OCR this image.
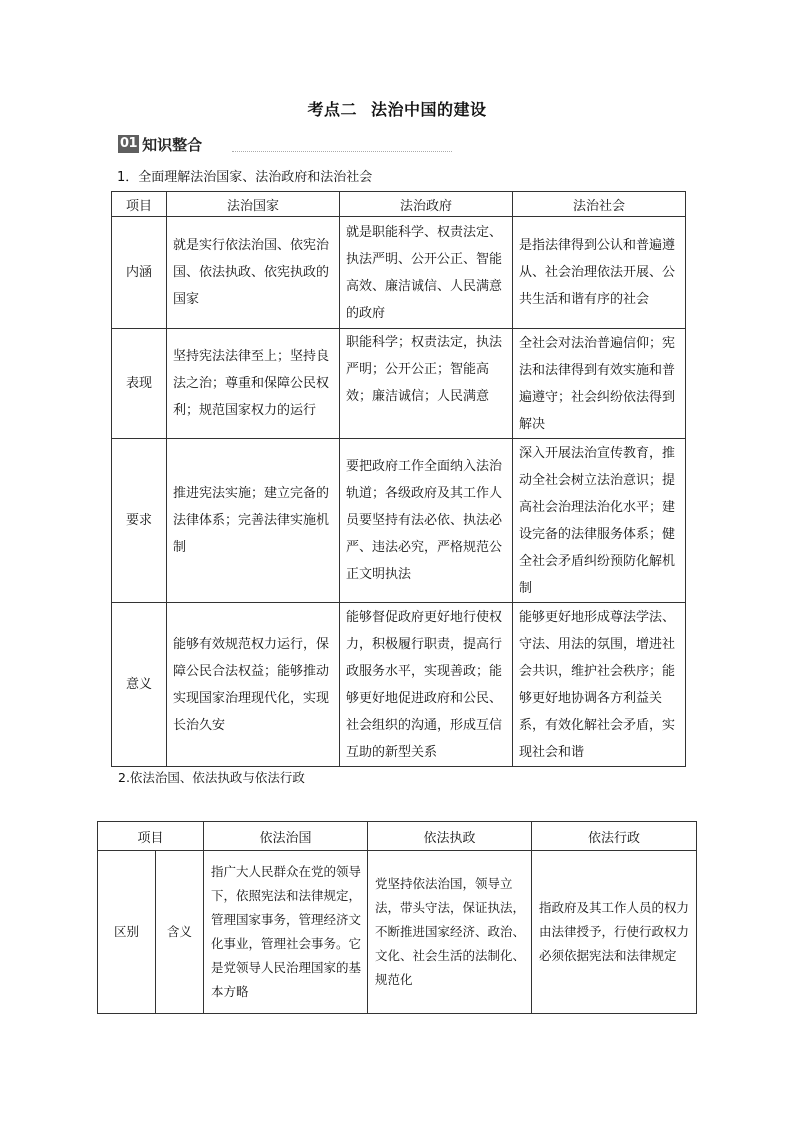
考点二 法治中国的建设
01 知识整合
1．全面理解法治国家、法治政府和法治社会
项目	法治国家	法治政府	法治社会
内涵	就是实行依法治国、依宪治国、依法执政、依宪执政的国家	就是职能科学、权责法定、执法严明、公开公正、智能高效、廉洁诚信、人民满意的政府	是指法律得到公认和普遍遵从、社会治理依法开展、公共生活和谐有序的社会
表现	坚持宪法法律至上；坚持良法之治；尊重和保障公民权利；规范国家权力的运行	职能科学；权责法定，执法严明；公开公正；智能高效；廉洁诚信；人民满意	全社会对法治普遍信仰；宪法和法律得到有效实施和普遍遵守；社会纠纷依法得到解决
要求	推进宪法实施；建立完备的法律体系；完善法律实施机制	要把政府工作全面纳入法治轨道；各级政府及其工作人员要坚持有法必依、执法必严、违法必究，严格规范公正文明执法	深入开展法治宣传教育，推动全社会树立法治意识；提高社会治理法治化水平；建设完备的法律服务体系；健全社会矛盾纠纷预防化解机制
意义	能够有效规范权力运行，保障公民合法权益；能够推动实现国家治理现代化，实现长治久安	能够督促政府更好地行使权力，积极履行职责，提高行政服务水平，实现善政；能够更好地促进政府和公民、社会组织的沟通，形成互信互助的新型关系	能够更好地形成尊法学法、守法、用法的氛围，增进社会共识，维护社会秩序；能够更好地协调各方利益关系，有效化解社会矛盾，实现社会和谐
2.依法治国、依法执政与依法行政
项目		依法治国	依法执政	依法行政
区别	含义	指广大人民群众在党的领导下，依照宪法和法律规定，管理国家事务，管理经济文化事业，管理社会事务。它是党领导人民治理国家的基本方略	党坚持依法治国，领导立法，带头守法，保证执法，不断推进国家经济、政治、文化、社会生活的法制化、规范化	指政府及其工作人员的权力由法律授予，行使行政权力必须依据宪法和法律规定
